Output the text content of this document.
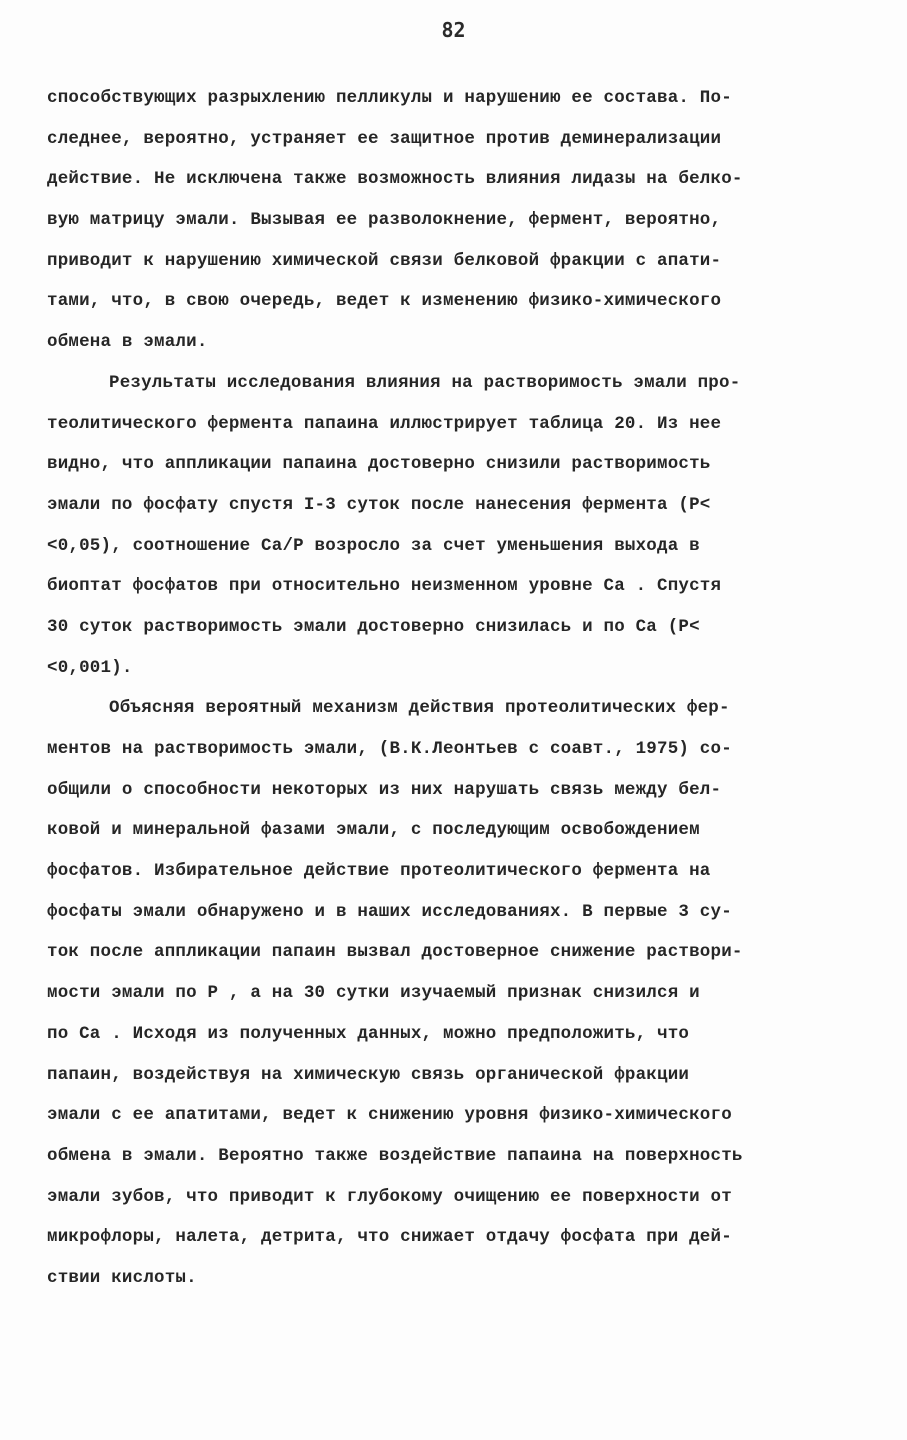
82
способствующих разрыхлению пелликулы и нарушению ее состава. По-
следнее, вероятно, устраняет ее защитное против деминерализации
действие. Не исключена также возможность влияния лидазы на белко-
вую матрицу эмали. Вызывая ее разволокнение, фермент, вероятно,
приводит к нарушению химической связи белковой фракции с апати-
тами, что, в свою очередь, ведет к изменению физико-химического
обмена в эмали.
Результаты исследования влияния на растворимость эмали про-
теолитического фермента папаина иллюстрирует таблица 20. Из нее
видно, что аппликации папаина достоверно снизили растворимость
эмали по фосфату спустя I-3 суток после нанесения фермента (P<
<0,05), соотношение Ca/P возросло за счет уменьшения выхода в
биоптат фосфатов при относительно неизменном уровне Ca . Спустя
30 суток растворимость эмали достоверно снизилась и по Ca (P<
<0,001).
Объясняя вероятный механизм действия протеолитических фер-
ментов на растворимость эмали, (В.К.Леонтьев с соавт., 1975) со-
общили о способности некоторых из них нарушать связь между бел-
ковой и минеральной фазами эмали, с последующим освобождением
фосфатов. Избирательное действие протеолитического фермента на
фосфаты эмали обнаружено и в наших исследованиях. В первые 3 су-
ток после аппликации папаин вызвал достоверное снижение раствори-
мости эмали по P , а на 30 сутки изучаемый признак снизился и
по Ca . Исходя из полученных данных, можно предположить, что
папаин, воздействуя на химическую связь органической фракции
эмали с ее апатитами, ведет к снижению уровня физико-химического
обмена в эмали. Вероятно также воздействие папаина на поверхность
эмали зубов, что приводит к глубокому очищению ее поверхности от
микрофлоры, налета, детрита, что снижает отдачу фосфата при дей-
ствии кислоты.
